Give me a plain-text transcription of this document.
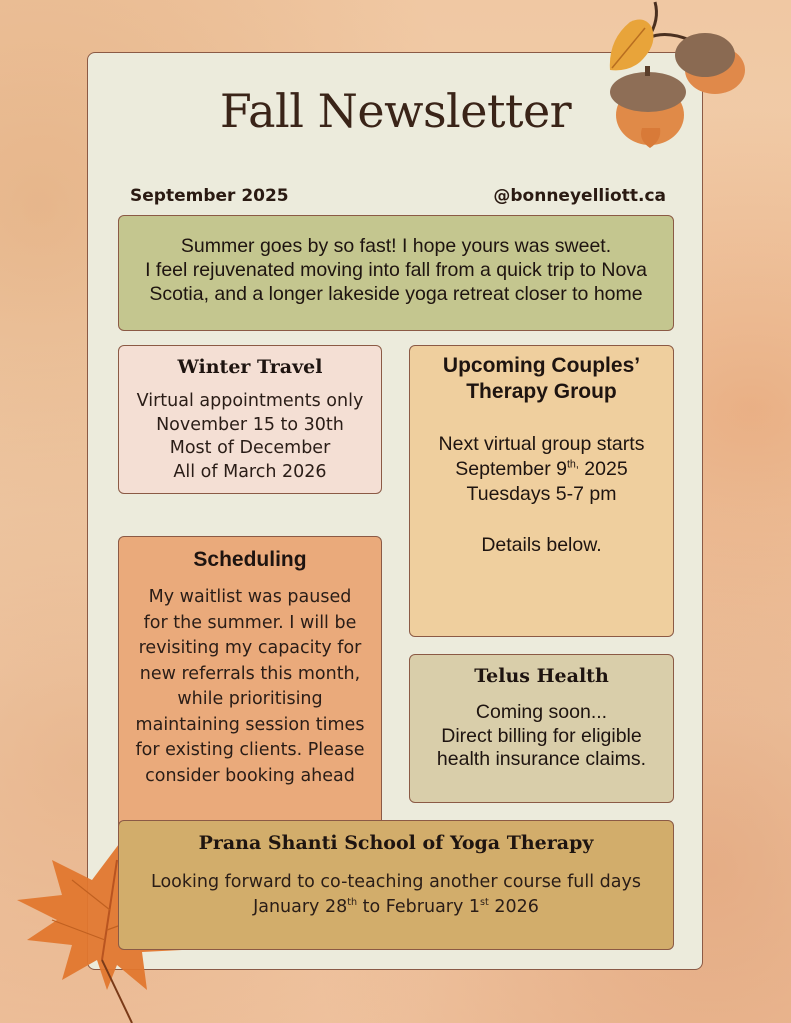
Fall Newsletter
September 2025	@bonneyelliott.ca
Summer goes by so fast! I hope yours was sweet.
I feel rejuvenated moving into fall from a quick trip to Nova
Scotia, and a longer lakeside yoga retreat closer to home
Winter Travel
Virtual appointments only
November 15 to 30th
Most of December
All of March 2026
Upcoming Couples’
Therapy Group
Next virtual group starts
September $9^{th,}$ 2025
Tuesdays 5-7 pm
Details below.
Scheduling
My waitlist was paused
for the summer. I will be
revisiting my capacity for
new referrals this month,
while prioritising
maintaining session times
for existing clients. Please
consider booking ahead
Telus Health
Coming soon...
Direct billing for eligible
health insurance claims.
Prana Shanti School of Yoga Therapy
Looking forward to co-teaching another course full days
January 28th to February 1st 2026
